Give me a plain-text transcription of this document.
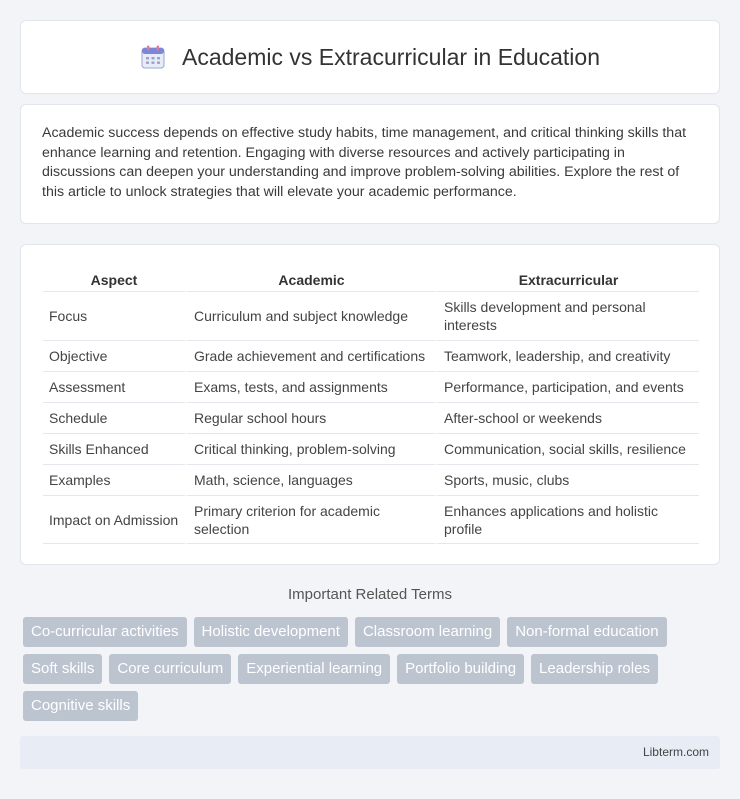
Academic vs Extracurricular in Education

Academic success depends on effective study habits, time management, and critical thinking skills that enhance learning and retention. Engaging with diverse resources and actively participating in discussions can deepen your understanding and improve problem-solving abilities. Explore the rest of this article to unlock strategies that will elevate your academic performance.

Aspect	Academic	Extracurricular
Focus	Curriculum and subject knowledge	Skills development and personal interests
Objective	Grade achievement and certifications	Teamwork, leadership, and creativity
Assessment	Exams, tests, and assignments	Performance, participation, and events
Schedule	Regular school hours	After-school or weekends
Skills Enhanced	Critical thinking, problem-solving	Communication, social skills, resilience
Examples	Math, science, languages	Sports, music, clubs
Impact on Admission	Primary criterion for academic selection	Enhances applications and holistic profile
Important Related Terms
Co-curricular activities	Holistic development	Classroom learning	Non-formal education
Soft skills	Core curriculum	Experiential learning	Portfolio building	Leadership roles
Cognitive skills
Libterm.com
